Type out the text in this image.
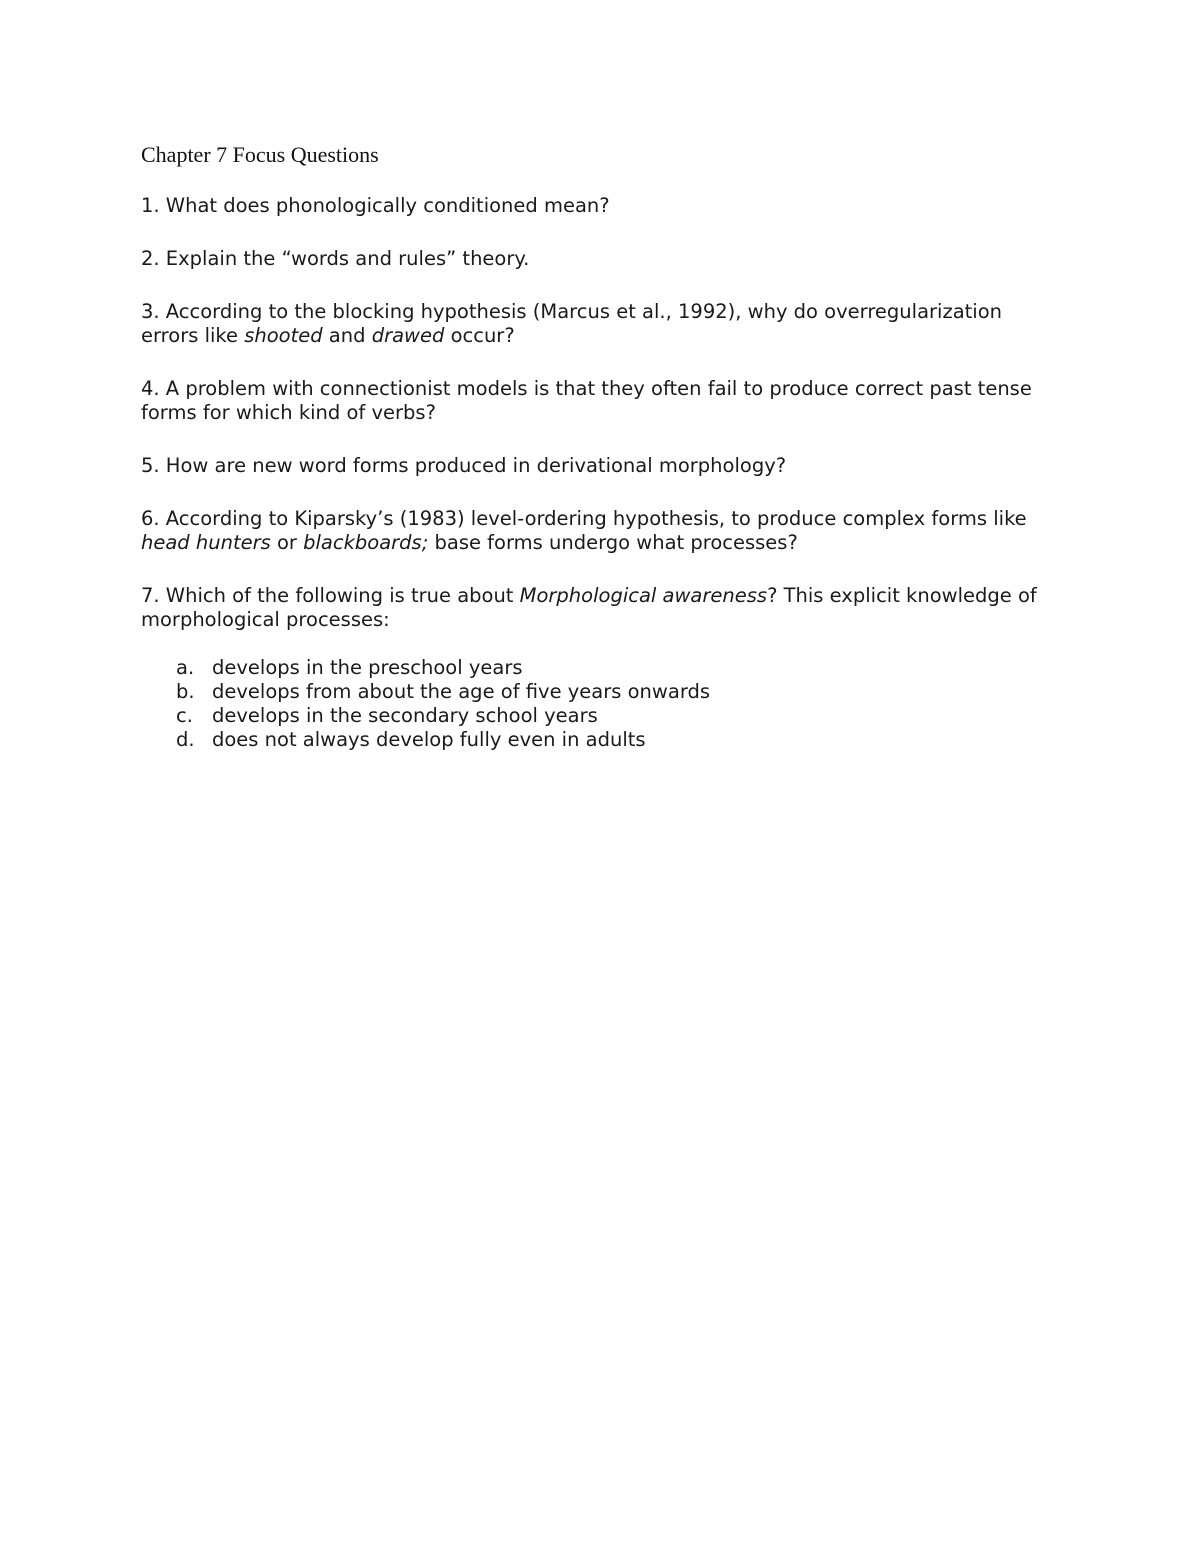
Chapter 7 Focus Questions

1. What does phonologically conditioned mean?

2. Explain the “words and rules” theory.

3. According to the blocking hypothesis (Marcus et al., 1992), why do overregularization errors like shooted and drawed occur?

4. A problem with connectionist models is that they often fail to produce correct past tense forms for which kind of verbs?

5. How are new word forms produced in derivational morphology?

6. According to Kiparsky’s (1983) level-ordering hypothesis, to produce complex forms like head hunters or blackboards; base forms undergo what processes?

7. Which of the following is true about Morphological awareness? This explicit knowledge of morphological processes:

a. develops in the preschool years
b. develops from about the age of five years onwards
c. develops in the secondary school years
d. does not always develop fully even in adults
